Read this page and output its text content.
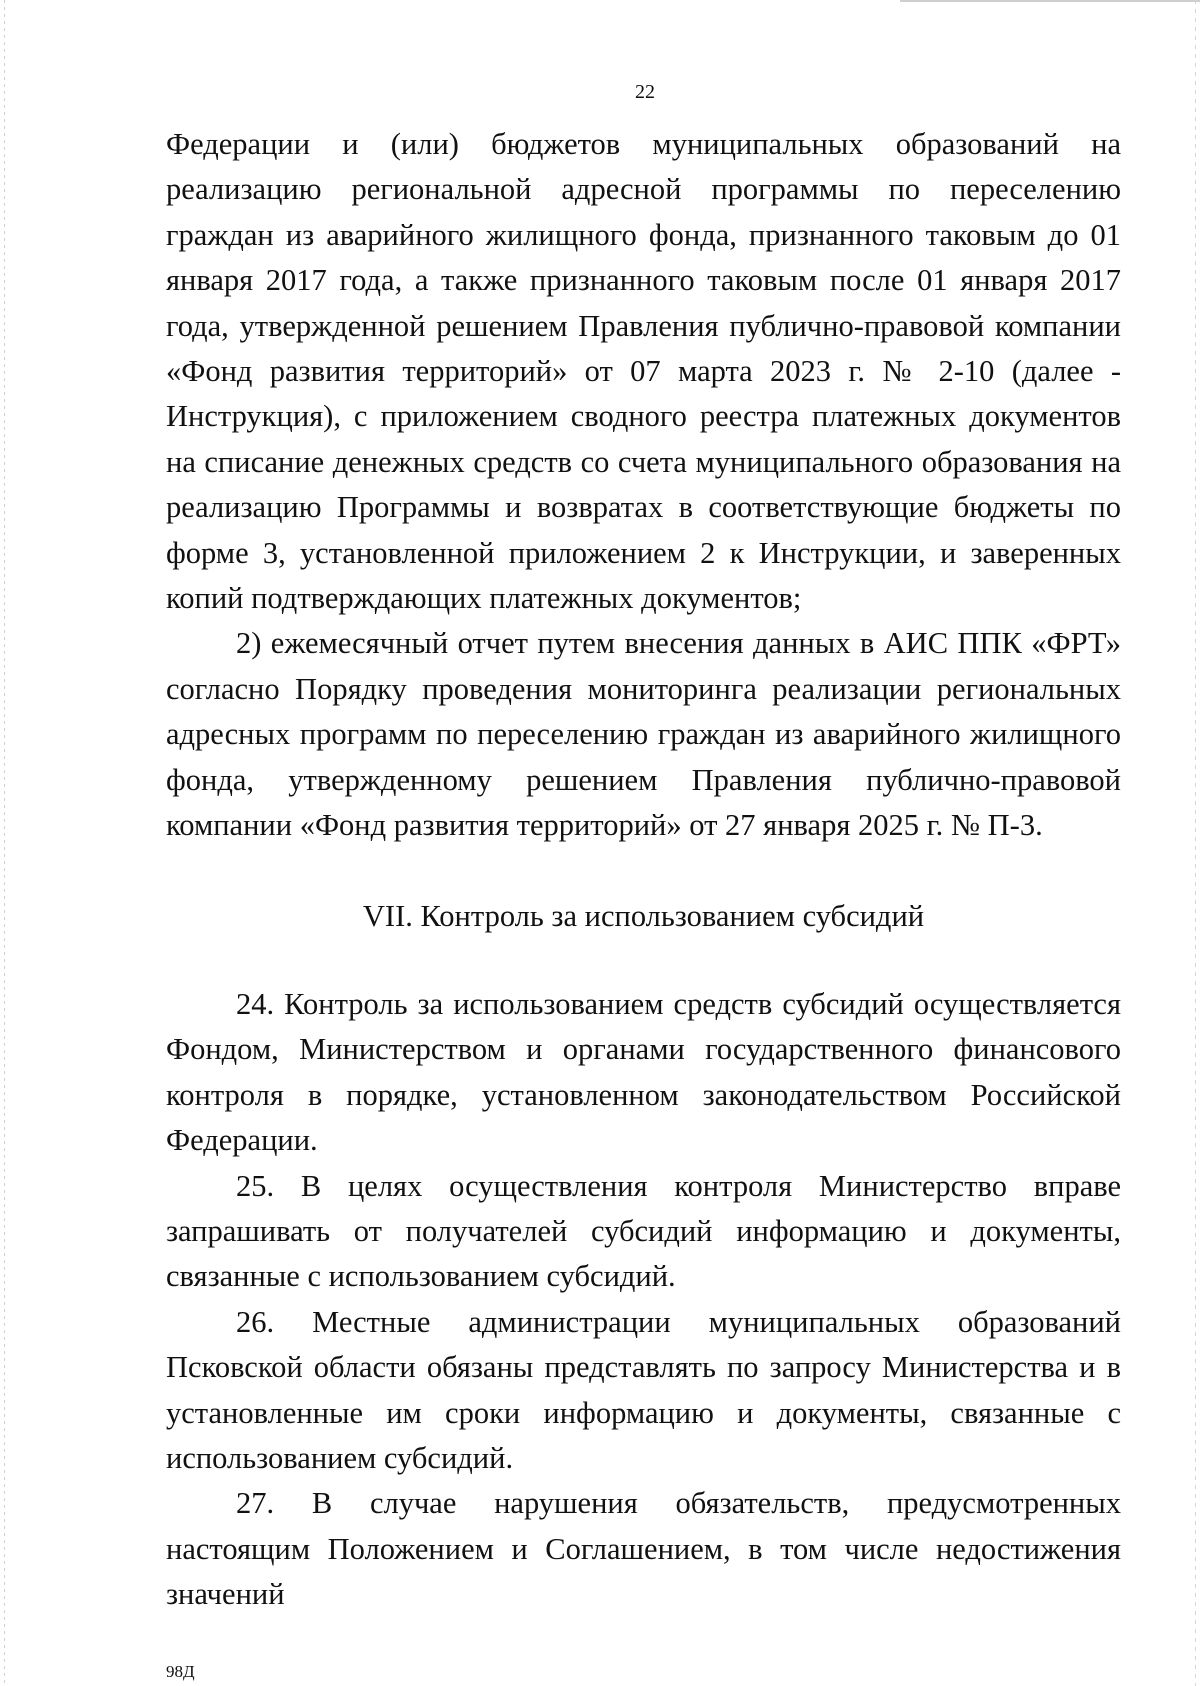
22

Федерации и (или) бюджетов муниципальных образований на реализацию региональной адресной программы по переселению граждан из аварийного жилищного фонда, признанного таковым до 01 января 2017 года, а также признанного таковым после 01 января 2017 года, утвержденной решением Правления публично-правовой компании «Фонд развития территорий» от 07 марта 2023 г. № 2-10 (далее - Инструкция), с приложением сводного реестра платежных документов на списание денежных средств со счета муниципального образования на реализацию Программы и возвратах в соответствующие бюджеты по форме 3, установленной приложением 2 к Инструкции, и заверенных копий подтверждающих платежных документов;

2) ежемесячный отчет путем внесения данных в АИС ППК «ФРТ» согласно Порядку проведения мониторинга реализации региональных адресных программ по переселению граждан из аварийного жилищного фонда, утвержденному решением Правления публично-правовой компании «Фонд развития территорий» от 27 января 2025 г. № П-3.

VII. Контроль за использованием субсидий

24. Контроль за использованием средств субсидий осуществляется Фондом, Министерством и органами государственного финансового контроля в порядке, установленном законодательством Российской Федерации.

25. В целях осуществления контроля Министерство вправе запрашивать от получателей субсидий информацию и документы, связанные с использованием субсидий.

26. Местные администрации муниципальных образований Псковской области обязаны представлять по запросу Министерства и в установленные им сроки информацию и документы, связанные с использованием субсидий.

27. В случае нарушения обязательств, предусмотренных настоящим Положением и Соглашением, в том числе недостижения значений

98Д
